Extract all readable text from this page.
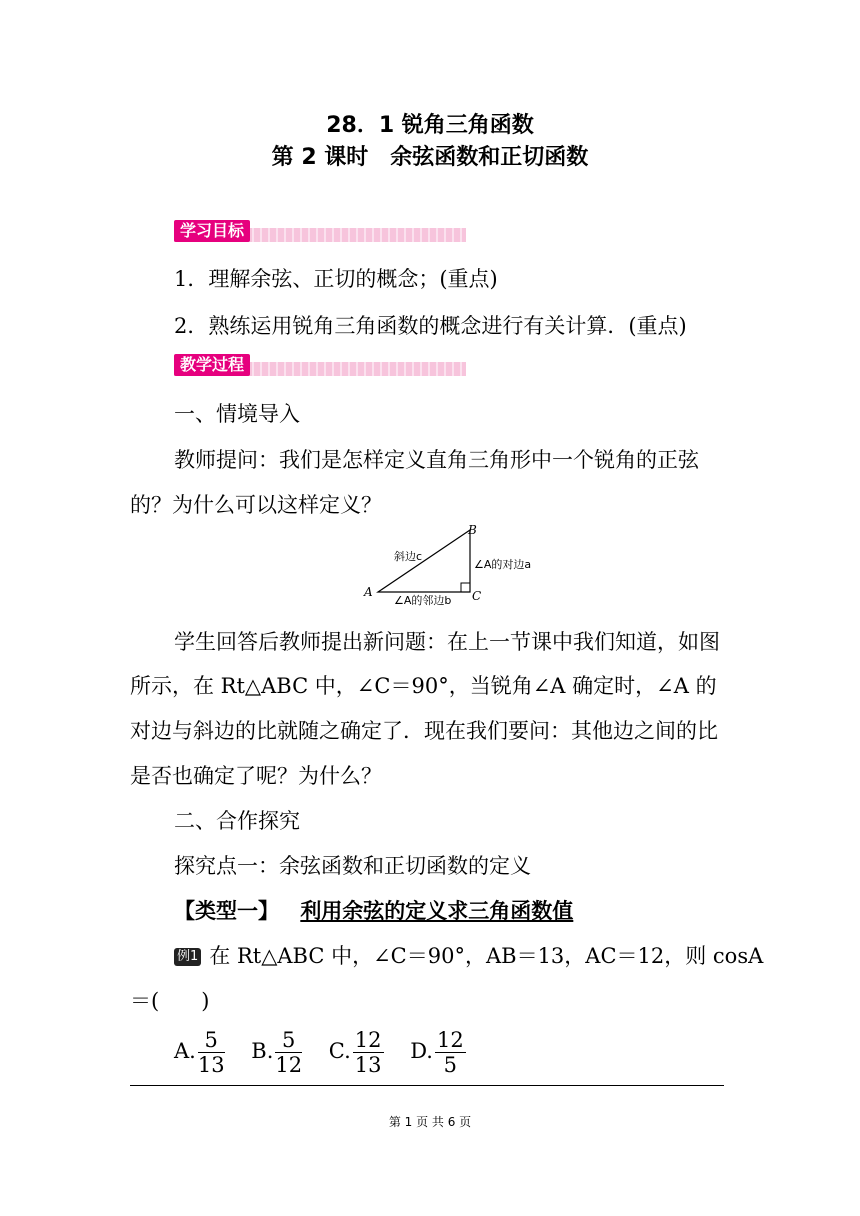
28．1 锐角三角函数
第 2 课时　余弦函数和正切函数
学习目标
1．理解余弦、正切的概念；(重点)
2．熟练运用锐角三角函数的概念进行有关计算．(重点)
教学过程
一、情境导入
教师提问：我们是怎样定义直角三角形中一个锐角的正弦
的？为什么可以这样定义？
A
B
C
斜边c
∠A的对边a
∠A的邻边b
学生回答后教师提出新问题：在上一节课中我们知道，如图
所示，在 Rt△ABC 中，∠C＝90°，当锐角∠A 确定时，∠A 的
对边与斜边的比就随之确定了．现在我们要问：其他边之间的比
是否也确定了呢？为什么？
二、合作探究
探究点一：余弦函数和正切函数的定义
【类型一】 利用余弦的定义求三角函数值
例1 在 Rt△ABC 中，∠C＝90°，AB＝13，AC＝12，则 cosA
＝(　　)
A. $\frac{5}{13} B$. $\frac{5}{12} C$. $\frac{12}{13} D$. $\frac{12}{5}$
第 1 页 共 6 页
